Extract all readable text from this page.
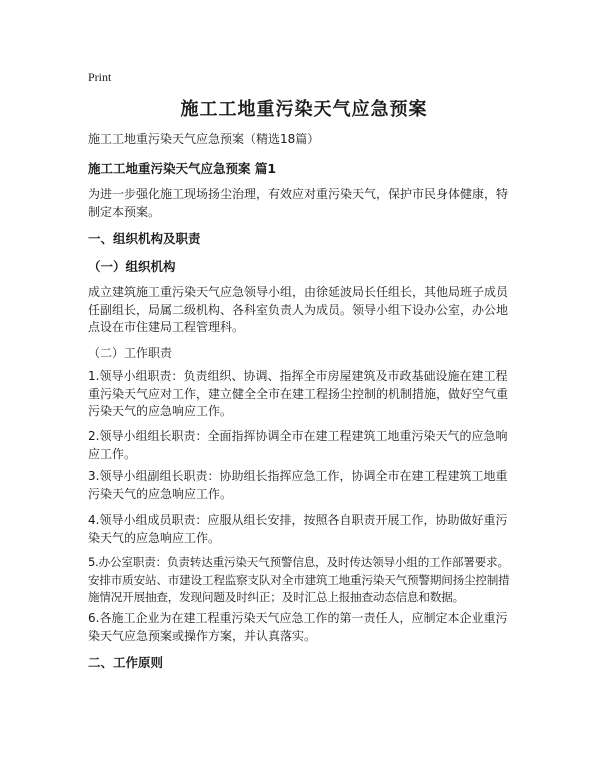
Print
施工工地重污染天气应急预案
施工工地重污染天气应急预案（精选18篇）
施工工地重污染天气应急预案 篇1

为进一步强化施工现场扬尘治理，有效应对重污染天气，保护市民身体健康，特制定本预案。

一、组织机构及职责
（一）组织机构

成立建筑施工重污染天气应急领导小组，由徐延波局长任组长，其他局班子成员任副组长，局属二级机构、各科室负责人为成员。领导小组下设办公室，办公地点设在市住建局工程管理科。

（二）工作职责

1.领导小组职责：负责组织、协调、指挥全市房屋建筑及市政基础设施在建工程重污染天气应对工作，建立健全全市在建工程扬尘控制的机制措施，做好空气重污染天气的应急响应工作。

2.领导小组组长职责：全面指挥协调全市在建工程建筑工地重污染天气的应急响应工作。

3.领导小组副组长职责：协助组长指挥应急工作，协调全市在建工程建筑工地重污染天气的应急响应工作。

4.领导小组成员职责：应服从组长安排，按照各自职责开展工作，协助做好重污染天气的应急响应工作。

5.办公室职责：负责转达重污染天气预警信息，及时传达领导小组的工作部署要求。安排市质安站、市建设工程监察支队对全市建筑工地重污染天气预警期间扬尘控制措施情况开展抽查，发现问题及时纠正；及时汇总上报抽查动态信息和数据。

6.各施工企业为在建工程重污染天气应急工作的第一责任人，应制定本企业重污染天气应急预案或操作方案，并认真落实。

二、工作原则
